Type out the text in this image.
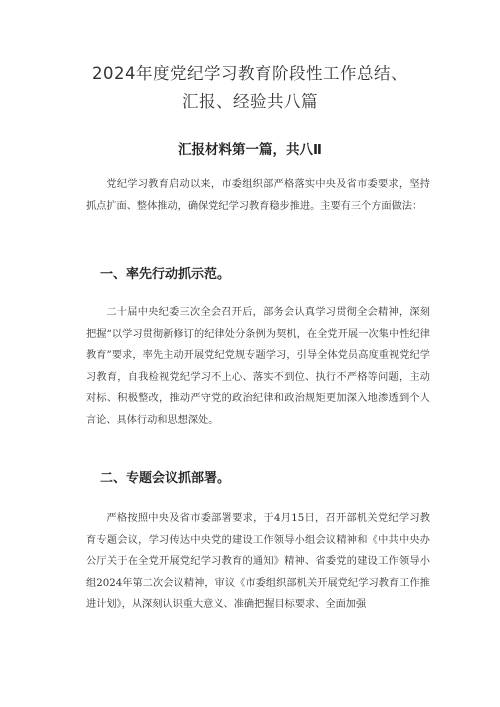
2024年度党纪学习教育阶段性工作总结、
汇报、经验共八篇
汇报材料第一篇，共八Ⅱ

党纪学习教育启动以来，市委组织部严格落实中央及省市委要求，坚持抓点扩面、整体推动，确保党纪学习教育稳步推进。主要有三个方面做法：

一、率先行动抓示范。

二十届中央纪委三次全会召开后，部务会认真学习贯彻全会精神，深刻把握“以学习贯彻新修订的纪律处分条例为契机，在全党开展一次集中性纪律教育”要求，率先主动开展党纪党规专题学习，引导全体党员高度重视党纪学习教育，自我检视党纪学习不上心、落实不到位、执行不严格等问题，主动对标、积极整改，推动严守党的政治纪律和政治规矩更加深入地渗透到个人言论、具体行动和思想深处。

二、专题会议抓部署。

严格按照中央及省市委部署要求，于4月15日，召开部机关党纪学习教育专题会议，学习传达中央党的建设工作领导小组会议精神和《中共中央办公厅关于在全党开展党纪学习教育的通知》精神、省委党的建设工作领导小组2024年第二次会议精神，审议《市委组织部机关开展党纪学习教育工作推进计划》，从深刻认识重大意义、准确把握目标要求、全面加强
